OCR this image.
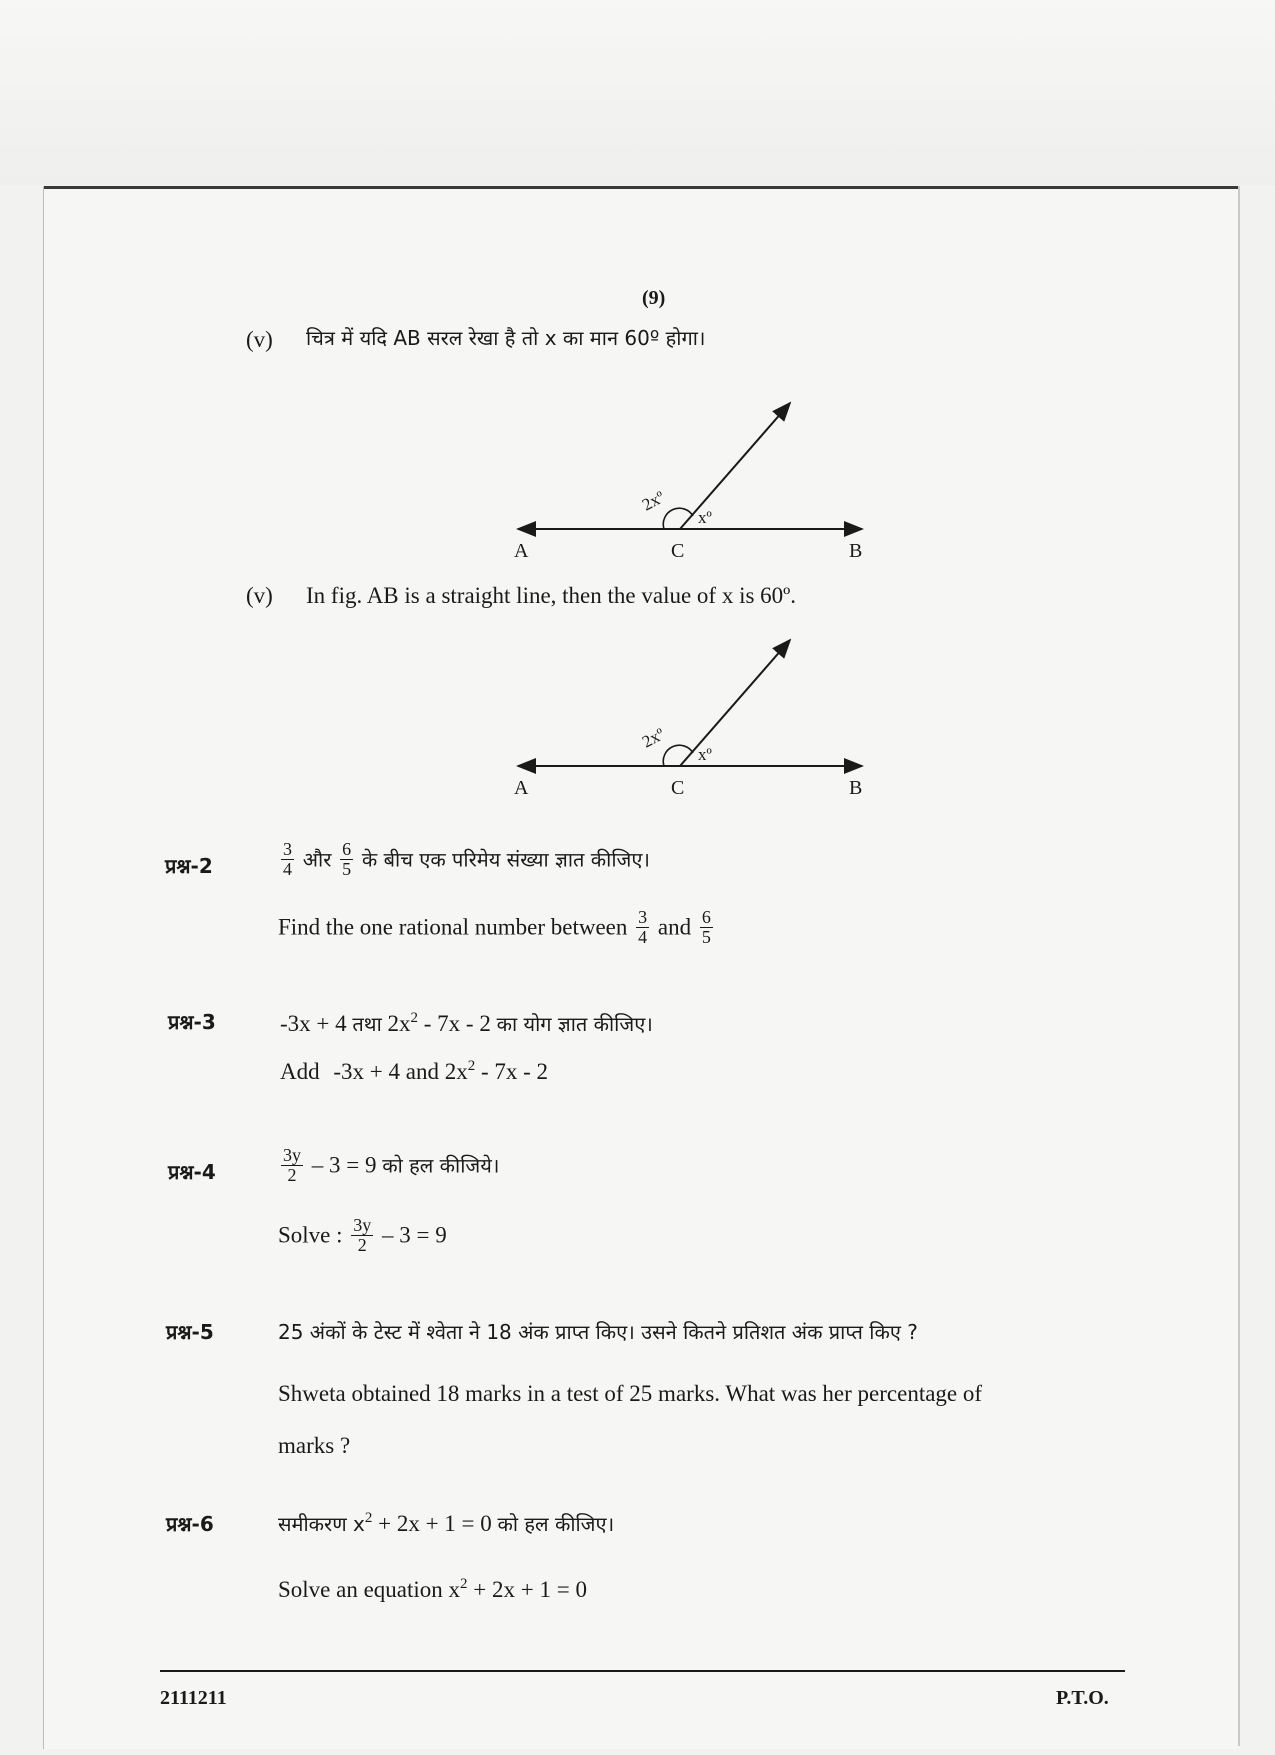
(9)
(v) चित्र में यदि AB सरल रेखा है तो x का मान 60º होगा।
2xº
xº
A	C	B
(v) In fig. AB is a straight line, then the value of x is 60º.
2xº
xº
A	C	B
प्रश्न-2	$\frac{3}{4}$ और $\frac{6}{5}$ के बीच एक परिमेय संख्या ज्ञात कीजिए।
Find the one rational number between $\frac{3}{4}$ and $\frac{6}{5}$
प्रश्न-3	-3x + 4 तथा $2x^2 - 7x - 2$ का योग ज्ञात कीजिए।
Add -3x + 4 and $2x^2 - 7x - 2$
प्रश्न-4	$\frac{3y}{2} - 3 = 9$ को हल कीजिये।
Solve : $\frac{3y}{2} - 3 = 9$
प्रश्न-5	25 अंकों के टेस्ट में श्वेता ने 18 अंक प्राप्त किए। उसने कितने प्रतिशत अंक प्राप्त किए ?
Shweta obtained 18 marks in a test of 25 marks. What was her percentage of
marks ?
प्रश्न-6	समीकरण $x^2 + 2x + 1 = 0$ को हल कीजिए।
Solve an equation $x^2 + 2x + 1 = 0$
2111211	P.T.O.
